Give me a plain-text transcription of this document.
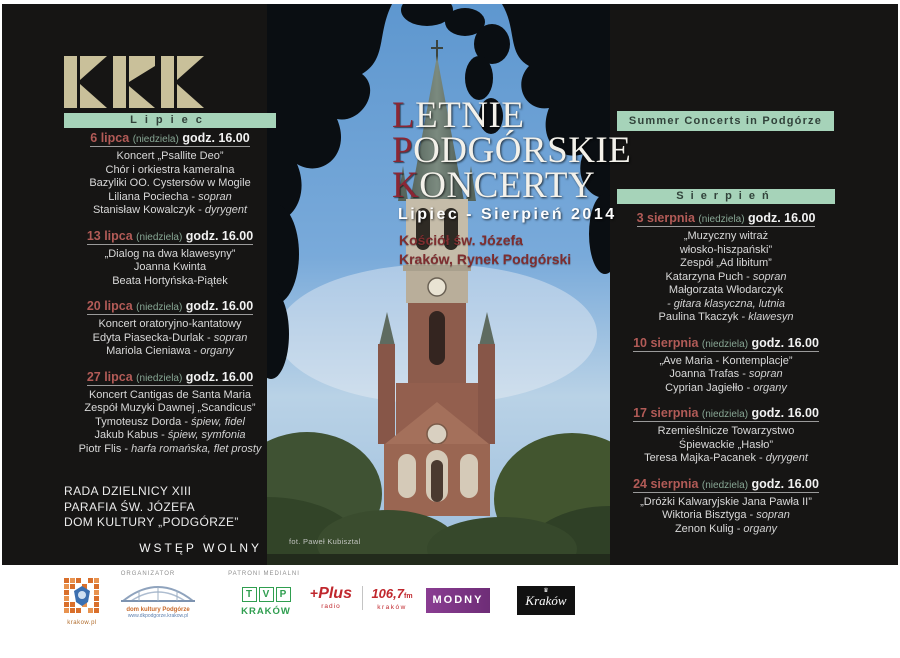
Lipiec	Summer Concerts in Podgórze
Sierpień
6 lipca (niedziela) godz. 16.00
Koncert „Psallite Deo”
Chór i orkiestra kameralna
Bazyliki OO. Cystersów w Mogile
Liliana Pociecha - sopran
Stanisław Kowalczyk - dyrygent
13 lipca (niedziela) godz. 16.00
„Dialog na dwa klawesyny”
Joanna Kwinta
Beata Hortyńska-Piątek
20 lipca (niedziela) godz. 16.00
Koncert oratoryjno-kantatowy
Edyta Piasecka-Durlak - sopran
Mariola Cieniawa - organy
27 lipca (niedziela) godz. 16.00
Koncert Cantigas de Santa Maria
Zespół Muzyki Dawnej „Scandicus”
Tymoteusz Dorda - śpiew, fidel
Jakub Kabus - śpiew, symfonia
Piotr Flis - harfa romańska, flet prosty
3 sierpnia (niedziela) godz. 16.00
„Muzyczny witraż
włosko-hiszpański”
Zespół „Ad libitum”
Katarzyna Puch - sopran
Małgorzata Włodarczyk
- gitara klasyczna, lutnia
Paulina Tkaczyk - klawesyn
10 sierpnia (niedziela) godz. 16.00
„Ave Maria - Kontemplacje”
Joanna Trafas - sopran
Cyprian Jagiełło - organy
17 sierpnia (niedziela) godz. 16.00
Rzemieślnicze Towarzystwo
Śpiewackie „Hasło”
Teresa Majka-Pacanek - dyrygent
24 sierpnia (niedziela) godz. 16.00
„Dróżki Kalwaryjskie Jana Pawła II”
Wiktoria Bisztyga - sopran
Zenon Kulig - organy
RADA DZIELNICY XIII
PARAFIA ŚW. JÓZEFA
DOM KULTURY „PODGÓRZE”
WSTĘP WOLNY
LETNIE
PODGÓRSKIE
KONCERTY
Lipiec - Sierpień 2014
Kościół św. Józefa
Kraków, Rynek Podgórski
fot. Paweł Kubisztal
ORGANIZATOR	PATRONI MEDIALNI
krakow.pl
dom kultury Podgórze
www.dkpodgorze.krakow.pl
T	V	P
KRAKÓW
+Plus
radio
106,7fm
kraków
MODNY
♛
Kraków
